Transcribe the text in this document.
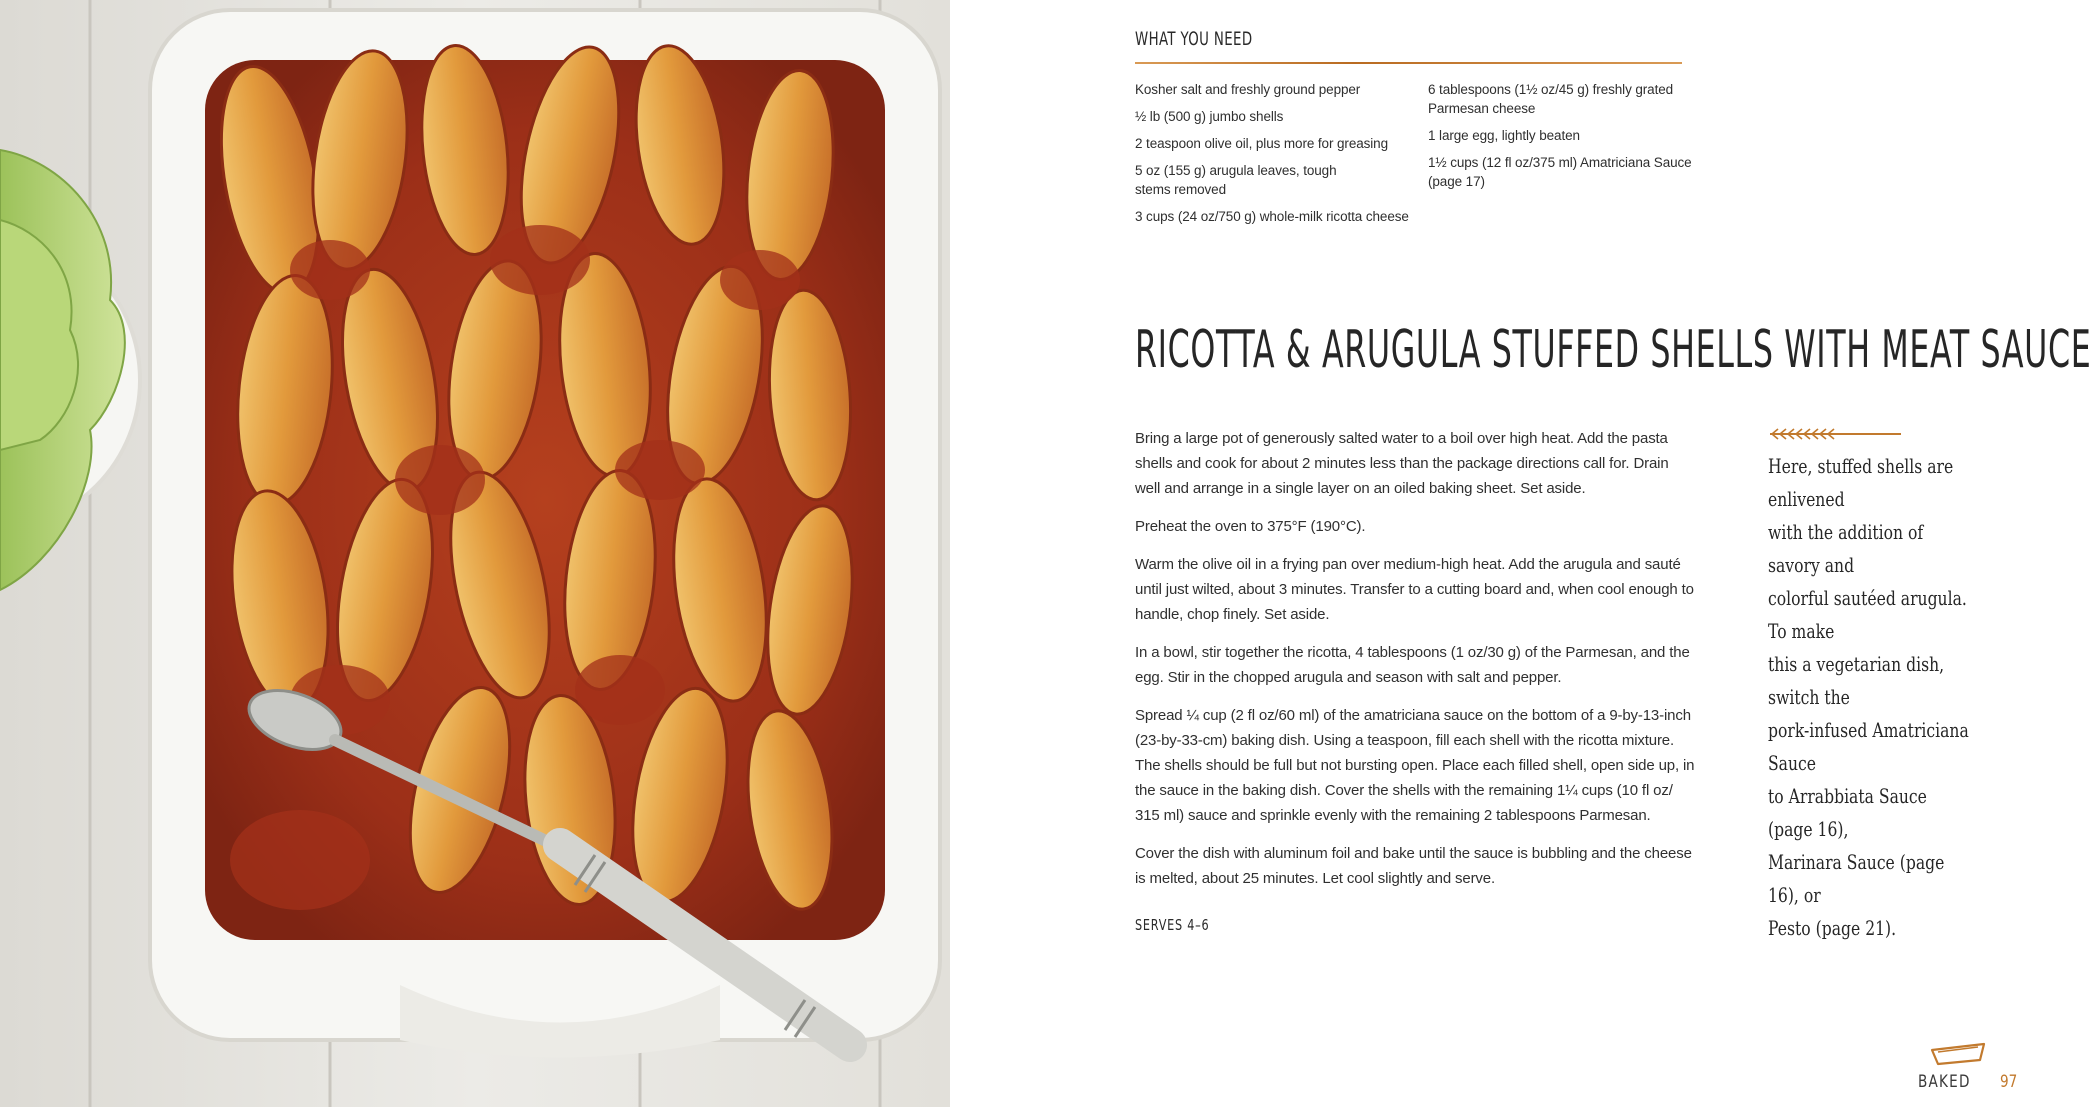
WHAT YOU NEED

Kosher salt and freshly ground pepper

½ lb (500 g) jumbo shells

2 teaspoon olive oil, plus more for greasing

5 oz (155 g) arugula leaves, tough
stems removed

3 cups (24 oz/750 g) whole-milk ricotta cheese

6 tablespoons (1½ oz/45 g) freshly grated
Parmesan cheese

1 large egg, lightly beaten

1½ cups (12 fl oz/375 ml) Amatriciana Sauce
(page 17)

RICOTTA & ARUGULA STUFFED SHELLS WITH MEAT SAUCE

Bring a large pot of generously salted water to a boil over high heat. Add the pasta shells and cook for about 2 minutes less than the package directions call for. Drain well and arrange in a single layer on an oiled baking sheet. Set aside.

Preheat the oven to 375°F (190°C).

Warm the olive oil in a frying pan over medium-high heat. Add the arugula and sauté until just wilted, about 3 minutes. Transfer to a cutting board and, when cool enough to handle, chop finely. Set aside.

In a bowl, stir together the ricotta, 4 tablespoons (1 oz/30 g) of the Parmesan, and the egg. Stir in the chopped arugula and season with salt and pepper.

Spread ¼ cup (2 fl oz/60 ml) of the amatriciana sauce on the bottom of a 9-by-13-inch (23-by-33-cm) baking dish. Using a teaspoon, fill each shell with the ricotta mixture. The shells should be full but not bursting open. Place each filled shell, open side up, in the sauce in the baking dish. Cover the shells with the remaining 1¼ cups (10 fl oz/ 315 ml) sauce and sprinkle evenly with the remaining 2 tablespoons Parmesan.

Cover the dish with aluminum foil and bake until the sauce is bubbling and the cheese is melted, about 25 minutes. Let cool slightly and serve.

SERVES 4–6

Here, stuffed shells are enlivened
with the addition of savory and
colorful sautéed arugula. To make
this a vegetarian dish, switch the
pork-infused Amatriciana Sauce
to Arrabbiata Sauce (page 16),
Marinara Sauce (page 16), or
Pesto (page 21).

BAKED 97
